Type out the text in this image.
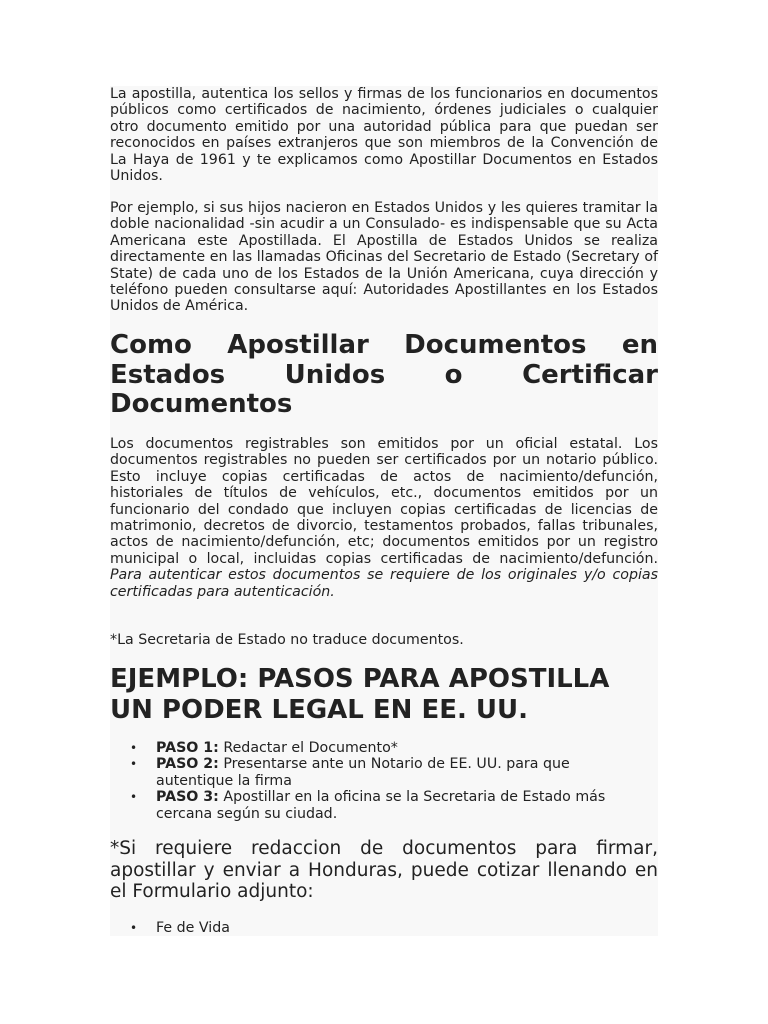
La apostilla, autentica los sellos y firmas de los funcionarios en documentos públicos como certificados de nacimiento, órdenes judiciales o cualquier otro documento emitido por una autoridad pública para que puedan ser reconocidos en países extranjeros que son miembros de la Convención de La Haya de 1961 y te explicamos como Apostillar Documentos en Estados Unidos.

Por ejemplo, si sus hijos nacieron en Estados Unidos y les quieres tramitar la doble nacionalidad -sin acudir a un Consulado- es indispensable que su Acta Americana este Apostillada. El Apostilla de Estados Unidos se realiza directamente en las llamadas Oficinas del Secretario de Estado (Secretary of State) de cada uno de los Estados de la Unión Americana, cuya dirección y teléfono pueden consultarse aquí: Autoridades Apostillantes en los Estados Unidos de América.

Como Apostillar Documentos en Estados Unidos o Certificar Documentos

Los documentos registrables son emitidos por un oficial estatal. Los documentos registrables no pueden ser certificados por un notario público. Esto incluye copias certificadas de actos de nacimiento/defunción, historiales de títulos de vehículos, etc., documentos emitidos por un funcionario del condado que incluyen copias certificadas de licencias de matrimonio, decretos de divorcio, testamentos probados, fallas tribunales, actos de nacimiento/defunción, etc; documentos emitidos por un registro municipal o local, incluidas copias certificadas de nacimiento/defunción. Para autenticar estos documentos se requiere de los originales y/o copias certificadas para autenticación.

*La Secretaria de Estado no traduce documentos.

EJEMPLO: PASOS PARA APOSTILLA UN PODER LEGAL EN EE. UU.
• PASO 1: Redactar el Documento*
• PASO 2: Presentarse ante un Notario de EE. UU. para que autentique la firma
• PASO 3: Apostillar en la oficina se la Secretaria de Estado más cercana según su ciudad.

*Si requiere redaccion de documentos para firmar, apostillar y enviar a Honduras, puede cotizar llenando en el Formulario adjunto:

• Fe de Vida
